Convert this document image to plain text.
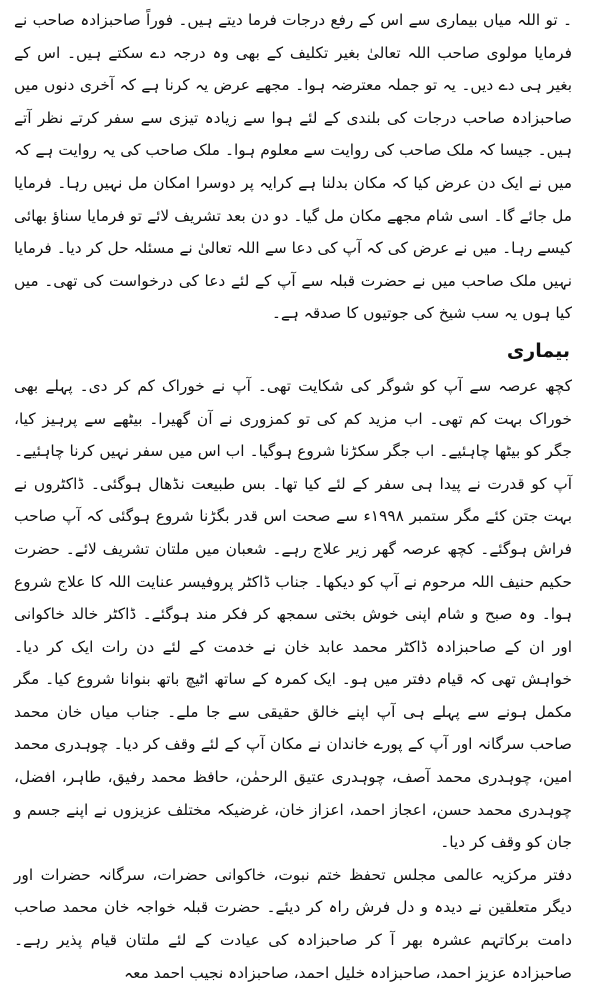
۔ تو اللہ میاں بیماری سے اس کے رفع درجات فرما دیتے ہیں۔ فوراً صاحبزادہ صاحب نے فرمایا مولوی صاحب اللہ تعالیٰ بغیر تکلیف کے بھی وہ درجہ دے سکتے ہیں۔ اس کے بغیر ہی دے دیں۔ یہ تو جملہ معترضہ ہوا۔ مجھے عرض یہ کرنا ہے کہ آخری دنوں میں صاحبزادہ صاحب درجات کی بلندی کے لئے ہوا سے زیادہ تیزی سے سفر کرتے نظر آتے ہیں۔ جیسا کہ ملک صاحب کی روایت سے معلوم ہوا۔ ملک صاحب کی یہ روایت ہے کہ میں نے ایک دن عرض کیا کہ مکان بدلنا ہے کرایہ پر دوسرا امکان مل نہیں رہا۔ فرمایا مل جائے گا۔ اسی شام مجھے مکان مل گیا۔ دو دن بعد تشریف لائے تو فرمایا سناؤ بھائی کیسے رہا۔ میں نے عرض کی کہ آپ کی دعا سے اللہ تعالیٰ نے مسئلہ حل کر دیا۔ فرمایا نہیں ملک صاحب میں نے حضرت قبلہ سے آپ کے لئے دعا کی درخواست کی تھی۔ میں کیا ہوں یہ سب شیخ کی جوتیوں کا صدقہ ہے۔

بیماری

کچھ عرصہ سے آپ کو شوگر کی شکایت تھی۔ آپ نے خوراک کم کر دی۔ پہلے بھی خوراک بہت کم تھی۔ اب مزید کم کی تو کمزوری نے آن گھیرا۔ بیٹھے سے پرہیز کیا، جگر کو بیٹھا چاہئیے۔ اب جگر سکڑنا شروع ہوگیا۔ اب اس میں سفر نہیں کرنا چاہئیے۔ آپ کو قدرت نے پیدا ہی سفر کے لئے کیا تھا۔ بس طبیعت نڈھال ہوگئی۔ ڈاکٹروں نے بہت جتن کئے مگر ستمبر ۱۹۹۸ء سے صحت اس قدر بگڑنا شروع ہوگئی کہ آپ صاحب فراش ہوگئے۔ کچھ عرصہ گھر زیر علاج رہے۔ شعبان میں ملتان تشریف لائے۔ حضرت حکیم حنیف اللہ مرحوم نے آپ کو دیکھا۔ جناب ڈاکٹر پروفیسر عنایت اللہ کا علاج شروع ہوا۔ وہ صبح و شام اپنی خوش بختی سمجھ کر فکر مند ہوگئے۔ ڈاکٹر خالد خاکوانی اور ان کے صاحبزادہ ڈاکٹر محمد عابد خان نے خدمت کے لئے دن رات ایک کر دیا۔ خواہش تھی کہ قیام دفتر میں ہو۔ ایک کمرہ کے ساتھ اٹیچ باتھ بنوانا شروع کیا۔ مگر مکمل ہونے سے پہلے ہی آپ اپنے خالق حقیقی سے جا ملے۔ جناب میاں خان محمد صاحب سرگانہ اور آپ کے پورے خاندان نے مکان آپ کے لئے وقف کر دیا۔ چوہدری محمد امین، چوہدری محمد آصف، چوہدری عتیق الرحمٰن، حافظ محمد رفیق، طاہر، افضل، چوہدری محمد حسن، اعجاز احمد، اعزاز خان، غرضیکہ مختلف عزیزوں نے اپنے جسم و جان کو وقف کر دیا۔

دفتر مرکزیہ عالمی مجلس تحفظ ختم نبوت، خاکوانی حضرات، سرگانہ حضرات اور دیگر متعلقین نے دیدہ و دل فرش راہ کر دیئے۔ حضرت قبلہ خواجہ خان محمد صاحب دامت برکاتہم عشرہ بھر آ کر صاحبزادہ کی عیادت کے لئے ملتان قیام پذیر رہے۔ صاحبزادہ عزیز احمد، صاحبزادہ خلیل احمد، صاحبزادہ نجیب احمد معہ
